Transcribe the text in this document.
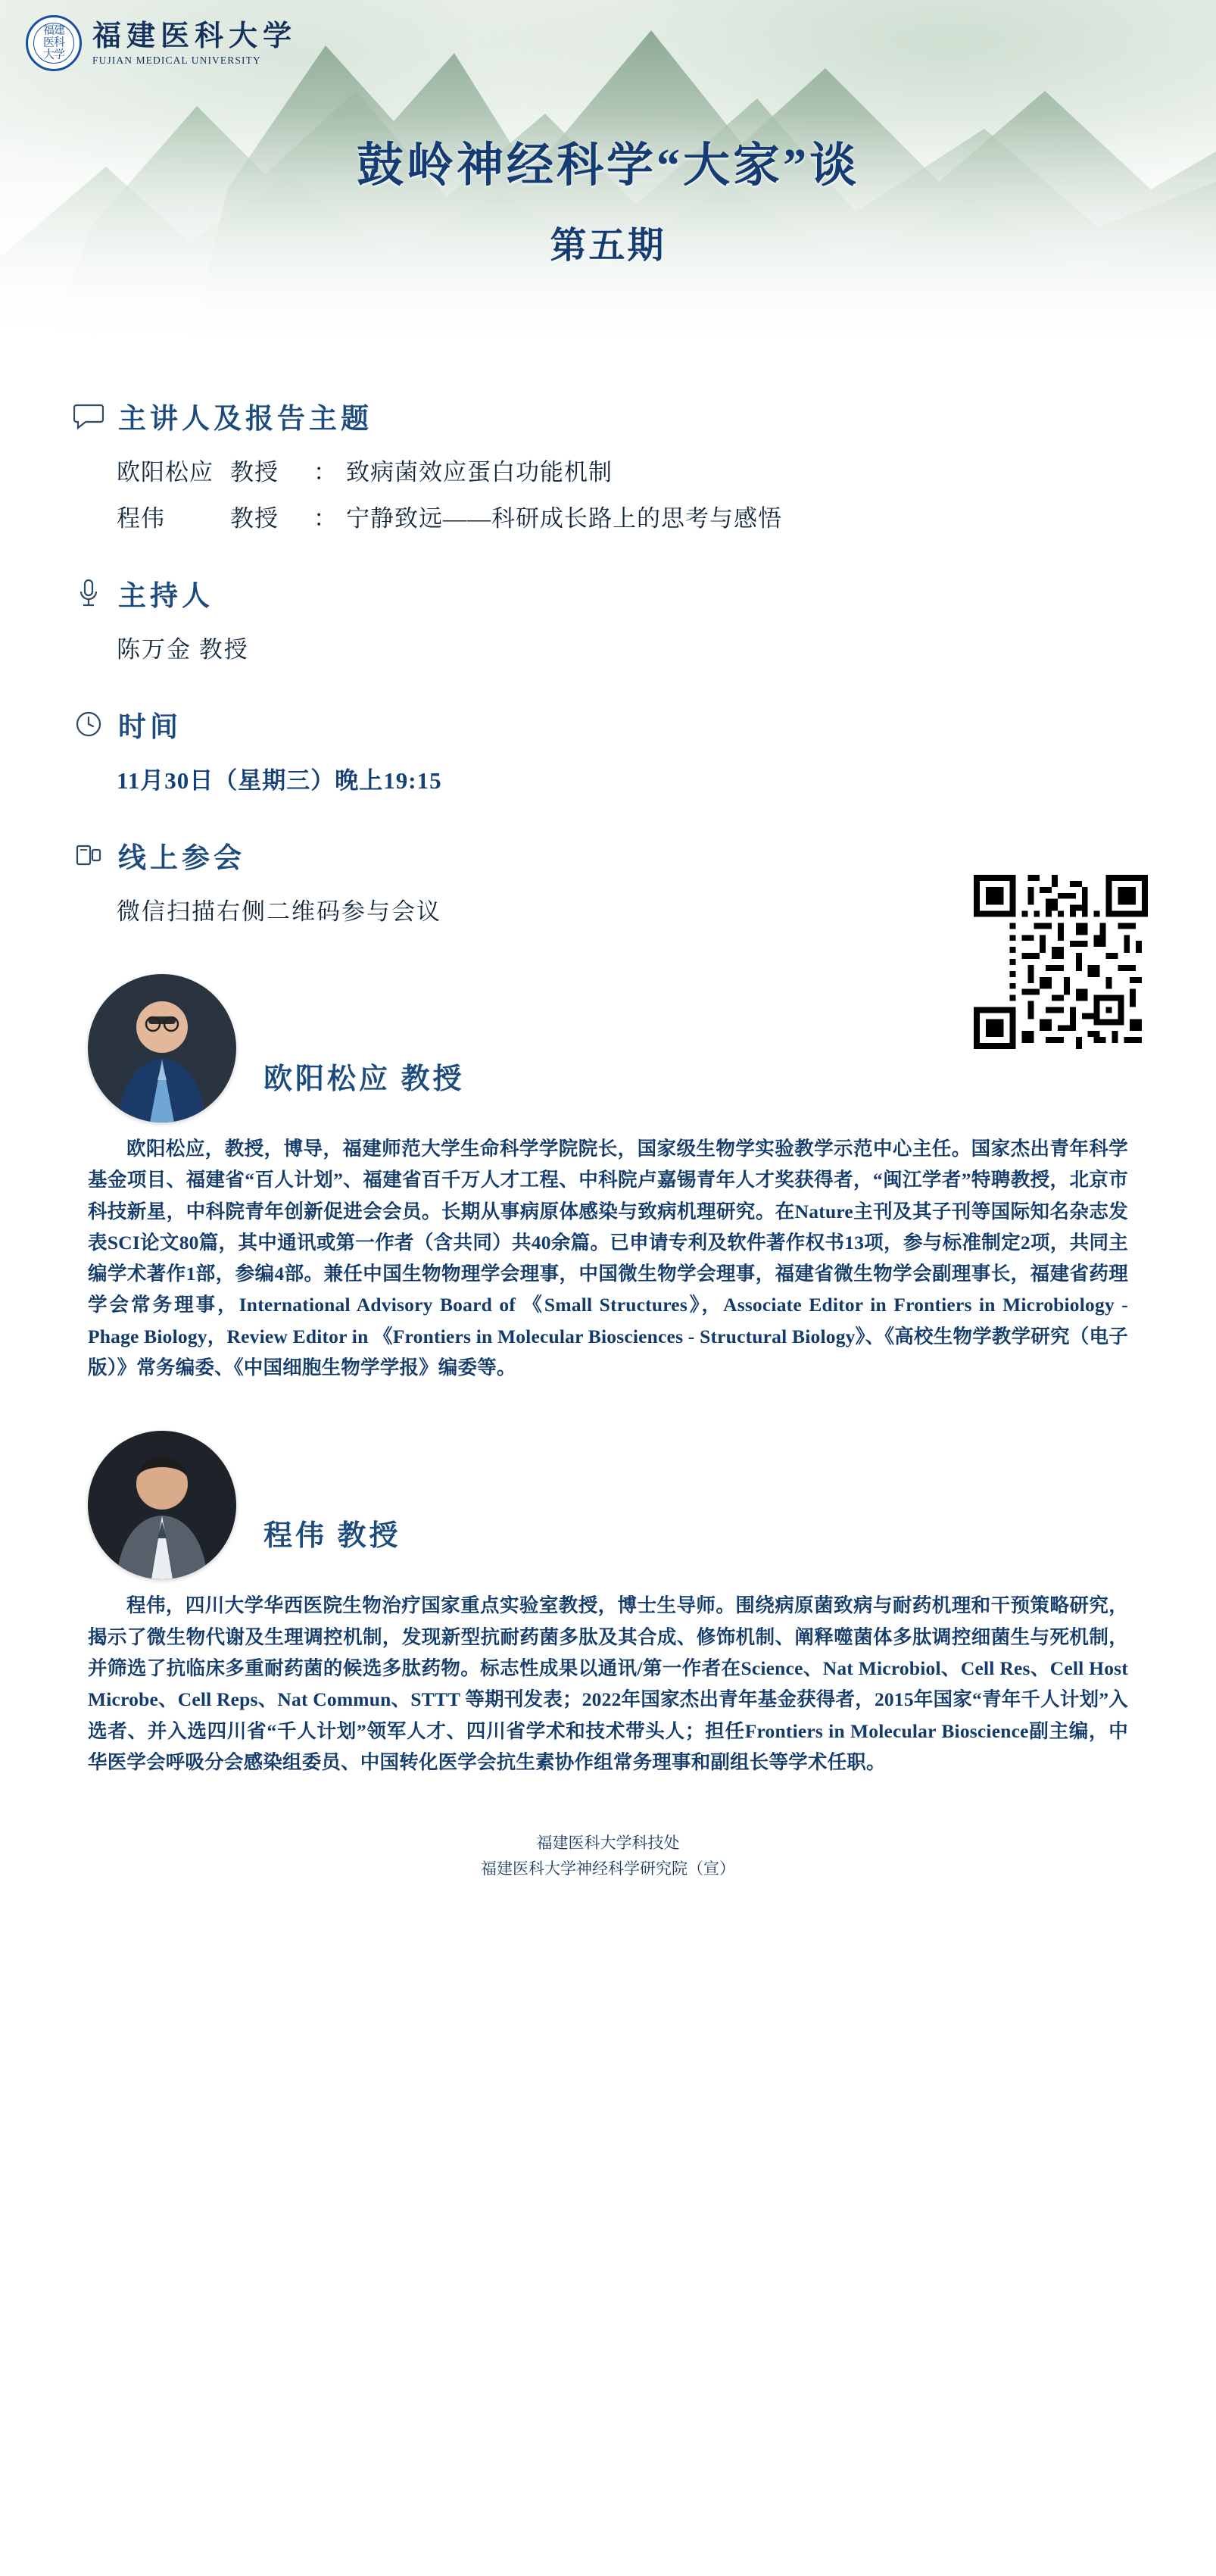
福建
医科
大学
福建医科大学
FUJIAN MEDICAL UNIVERSITY
鼓岭神经科学“大家”谈
第五期
主讲人及报告主题
欧阳松应 教授	： 致病菌效应蛋白功能机制
程伟	教授	： 宁静致远——科研成长路上的思考与感悟
主持人
陈万金 教授
时间
11月30日（星期三）晚上19:15
线上参会
微信扫描右侧二维码参与会议
欧阳松应 教授
欧阳松应，教授，博导，福建师范大学生命科学学院院长，国家级生物学实验教学示范中心主任。国家杰出青年科学基金项目、福建省“百人计划”、福建省百千万人才工程、中科院卢嘉锡青年人才奖获得者，“闽江学者”特聘教授，北京市科技新星，中科院青年创新促进会会员。长期从事病原体感染与致病机理研究。在Nature主刊及其子刊等国际知名杂志发表SCI论文80篇，其中通讯或第一作者（含共同）共40余篇。已申请专利及软件著作权书13项，参与标准制定2项，共同主编学术著作1部，参编4部。兼任中国生物物理学会理事，中国微生物学会理事，福建省微生物学会副理事长，福建省药理学会常务理事，International Advisory Board of 《Small Structures》，Associate Editor in Frontiers in Microbiology - Phage Biology，Review Editor in 《Frontiers in Molecular Biosciences - Structural Biology》、《高校生物学教学研究（电子版）》常务编委、《中国细胞生物学学报》编委等。
程伟 教授
程伟，四川大学华西医院生物治疗国家重点实验室教授，博士生导师。围绕病原菌致病与耐药机理和干预策略研究，揭示了微生物代谢及生理调控机制，发现新型抗耐药菌多肽及其合成、修饰机制、阐释噬菌体多肽调控细菌生与死机制，并筛选了抗临床多重耐药菌的候选多肽药物。标志性成果以通讯/第一作者在Science、Nat Microbiol、Cell Res、Cell Host Microbe、Cell Reps、Nat Commun、STTT 等期刊发表；2022年国家杰出青年基金获得者，2015年国家“青年千人计划”入选者、并入选四川省“千人计划”领军人才、四川省学术和技术带头人；担任Frontiers in Molecular Bioscience副主编，中华医学会呼吸分会感染组委员、中国转化医学会抗生素协作组常务理事和副组长等学术任职。
福建医科大学科技处
福建医科大学神经科学研究院（宣）
